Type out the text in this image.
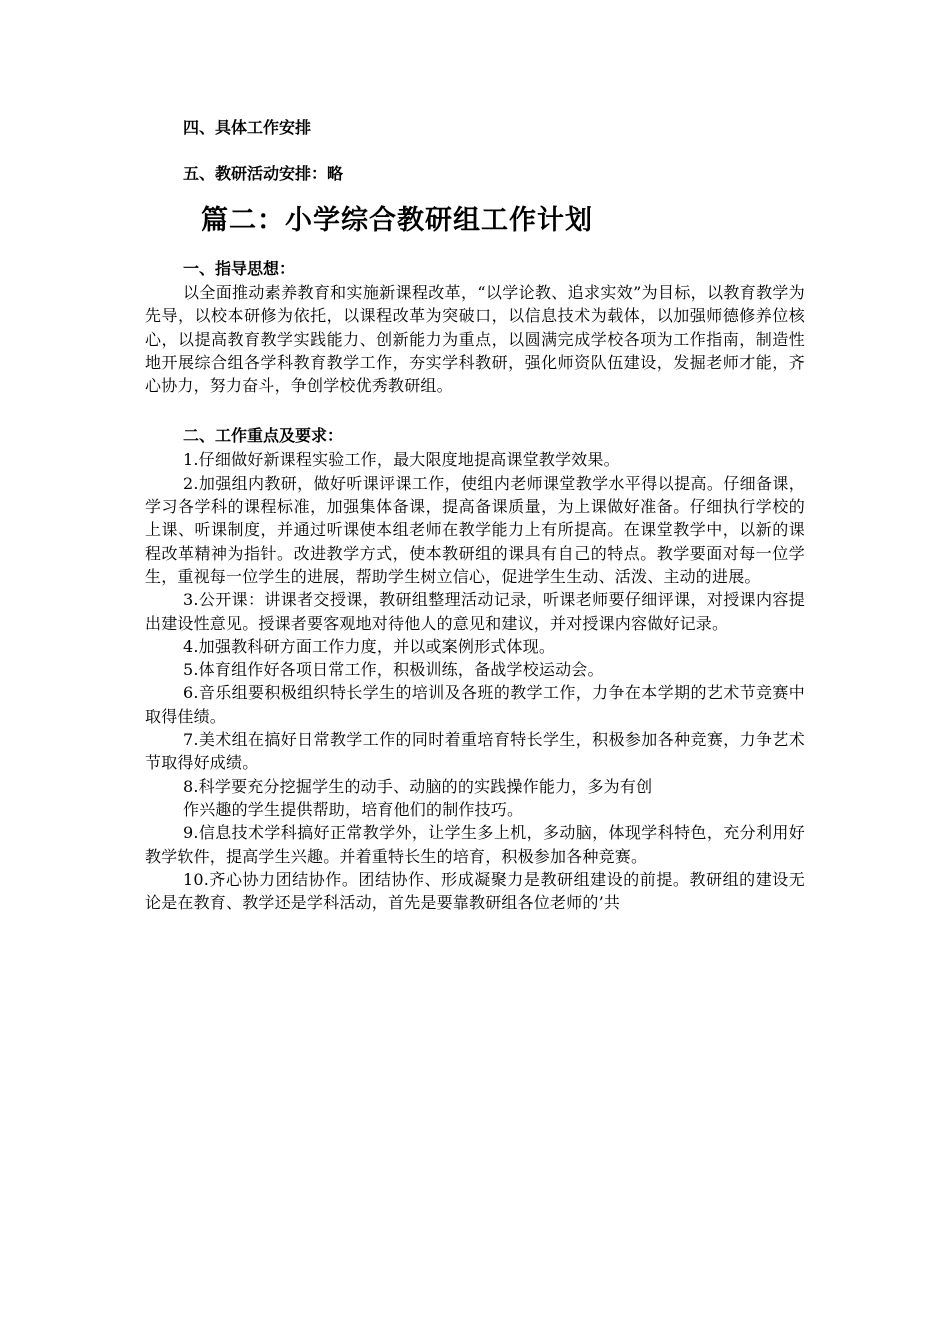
四、具体工作安排
五、教研活动安排：略
篇二：小学综合教研组工作计划
一、指导思想：

以全面推动素养教育和实施新课程改革，“以学论教、追求实效”为目标，以教育教学为先导，以校本研修为依托，以课程改革为突破口，以信息技术为载体，以加强师德修养位核心，以提高教育教学实践能力、创新能力为重点，以圆满完成学校各项为工作指南，制造性地开展综合组各学科教育教学工作，夯实学科教研，强化师资队伍建设，发掘老师才能，齐心协力，努力奋斗，争创学校优秀教研组。

二、工作重点及要求：

1.仔细做好新课程实验工作，最大限度地提高课堂教学效果。

2.加强组内教研，做好听课评课工作，使组内老师课堂教学水平得以提高。仔细备课，学习各学科的课程标准，加强集体备课，提高备课质量，为上课做好准备。仔细执行学校的上课、听课制度，并通过听课使本组老师在教学能力上有所提高。在课堂教学中，以新的课程改革精神为指针。改进教学方式，使本教研组的课具有自己的特点。教学要面对每一位学生，重视每一位学生的进展，帮助学生树立信心，促进学生生动、活泼、主动的进展。

3.公开课：讲课者交授课，教研组整理活动记录，听课老师要仔细评课，对授课内容提出建设性意见。授课者要客观地对待他人的意见和建议，并对授课内容做好记录。

4.加强教科研方面工作力度，并以或案例形式体现。

5.体育组作好各项日常工作，积极训练，备战学校运动会。

6.音乐组要积极组织特长学生的培训及各班的教学工作，力争在本学期的艺术节竞赛中取得佳绩。

7.美术组在搞好日常教学工作的同时着重培育特长学生，积极参加各种竞赛，力争艺术节取得好成绩。

8.科学要充分挖掘学生的动手、动脑的的实践操作能力，多为有创

作兴趣的学生提供帮助，培育他们的制作技巧。

9.信息技术学科搞好正常教学外，让学生多上机，多动脑，体现学科特色，充分利用好教学软件，提高学生兴趣。并着重特长生的培育，积极参加各种竞赛。

10.齐心协力团结协作。团结协作、形成凝聚力是教研组建设的前提。教研组的建设无论是在教育、教学还是学科活动，首先是要靠教研组各位老师的’共
